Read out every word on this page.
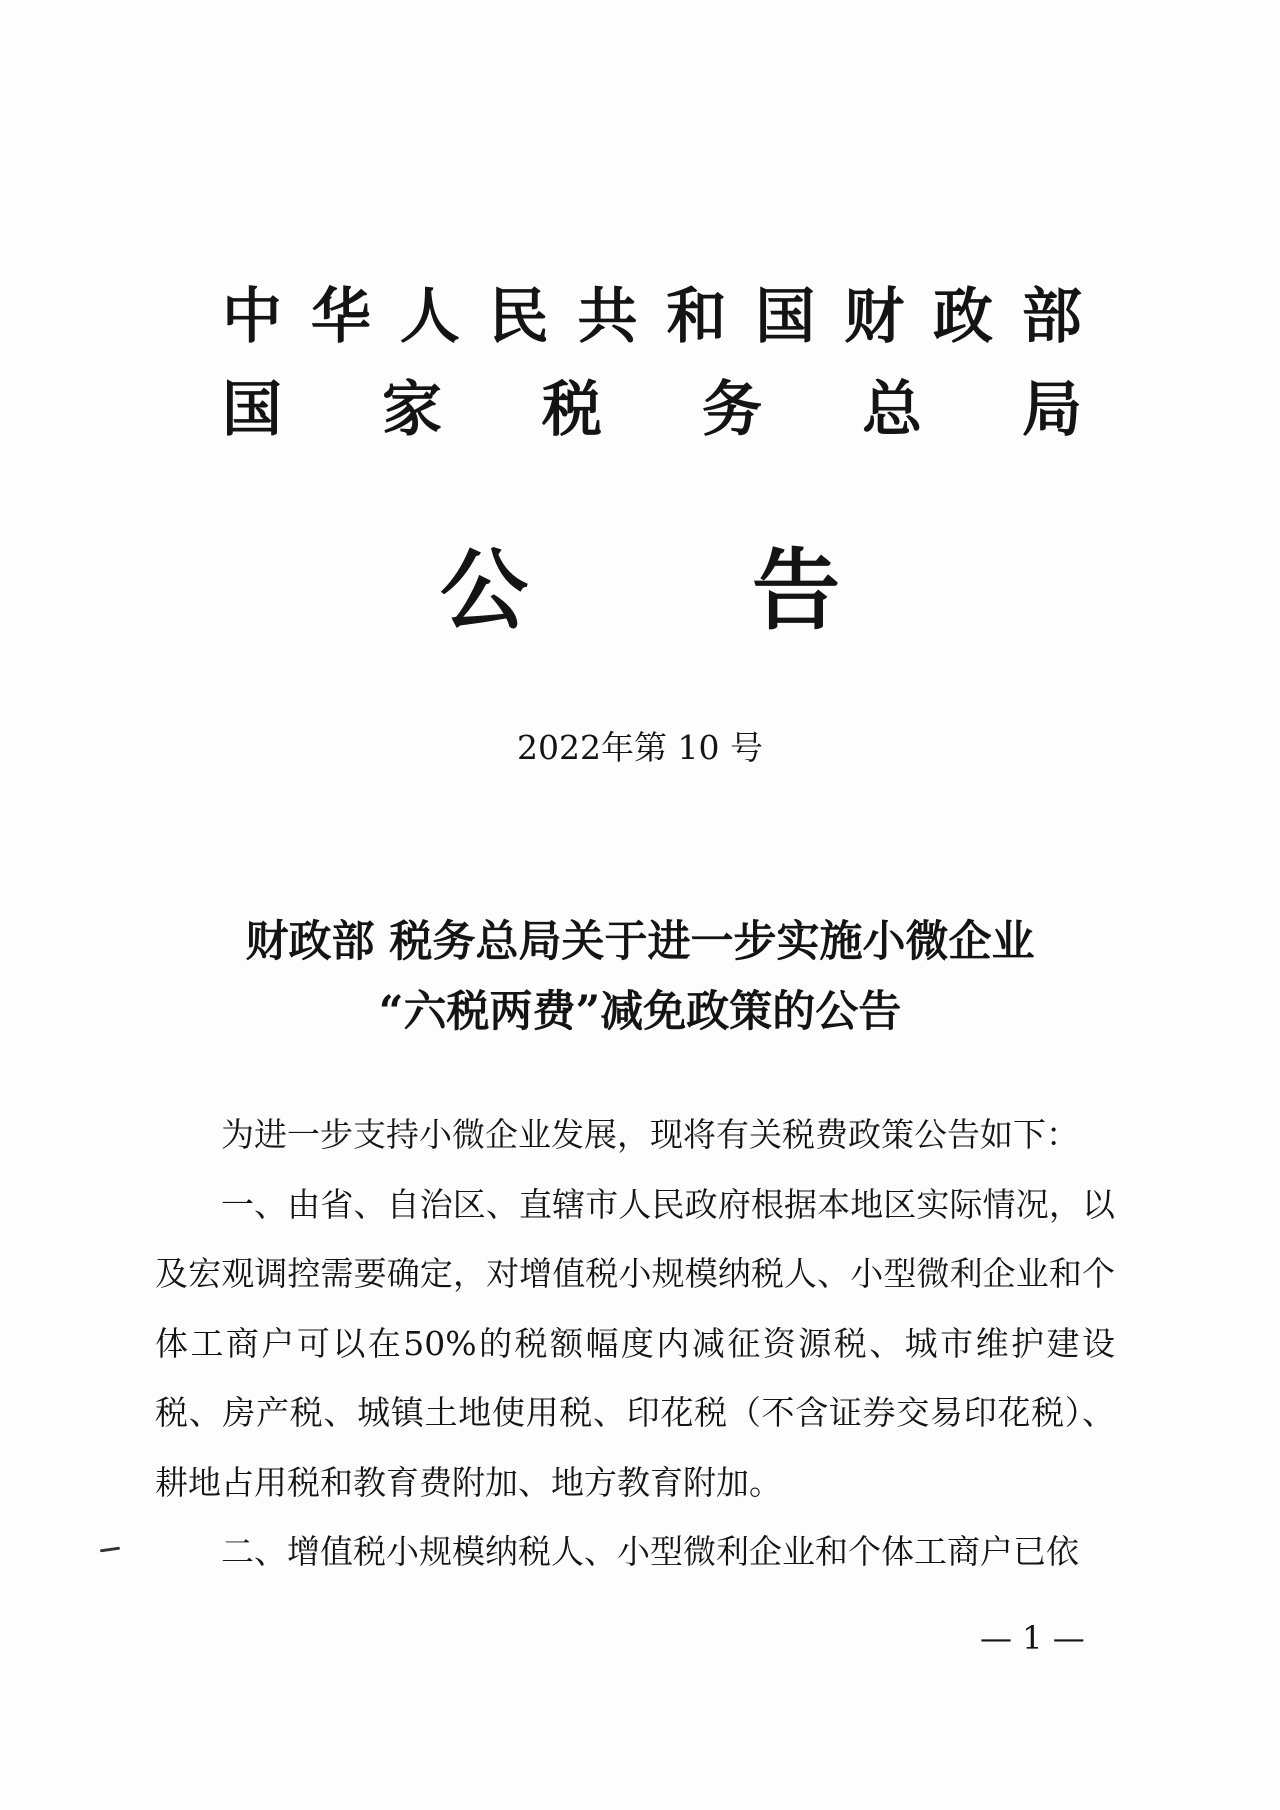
中 华 人 民 共 和 国 财 政 部
国 家 税 务 总 局
公	告
2022年第 10 号
财政部 税务总局关于进一步实施小微企业
“六税两费”减免政策的公告

为进一步支持小微企业发展，现将有关税费政策公告如下：

一、由省、自治区、直辖市人民政府根据本地区实际情况，以及宏观调控需要确定，对增值税小规模纳税人、小型微利企业和个体工商户可以在50%的税额幅度内减征资源税、城市维护建设税、房产税、城镇土地使用税、印花税（不含证券交易印花税）、耕地占用税和教育费附加、地方教育附加。

二、增值税小规模纳税人、小型微利企业和个体工商户已依

— 1 —
